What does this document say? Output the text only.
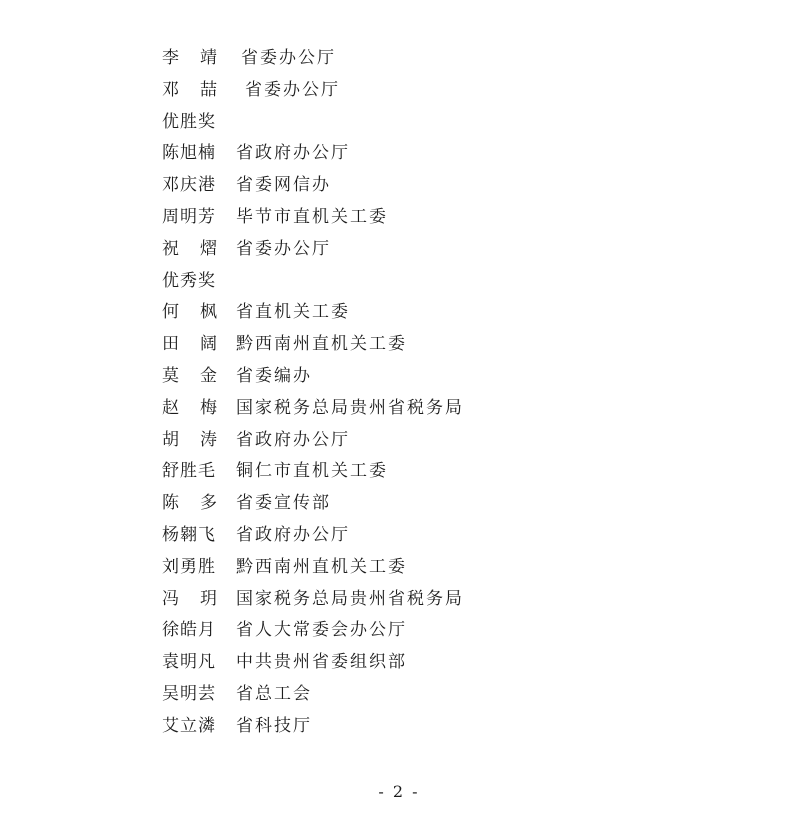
李 靖	省委办公厅
邓 喆	省委办公厅
优胜奖
陈旭楠	省政府办公厅
邓庆港	省委网信办
周明芳	毕节市直机关工委
祝 熠	省委办公厅
优秀奖
何 枫	省直机关工委
田 阔	黔西南州直机关工委
莫 金	省委编办
赵 梅	国家税务总局贵州省税务局
胡 涛	省政府办公厅
舒胜毛	铜仁市直机关工委
陈 多	省委宣传部
杨翱飞	省政府办公厅
刘勇胜	黔西南州直机关工委
冯 玥	国家税务总局贵州省税务局
徐皓月	省人大常委会办公厅
袁明凡	中共贵州省委组织部
吴明芸	省总工会
艾立潾	省科技厅
- 2 -
